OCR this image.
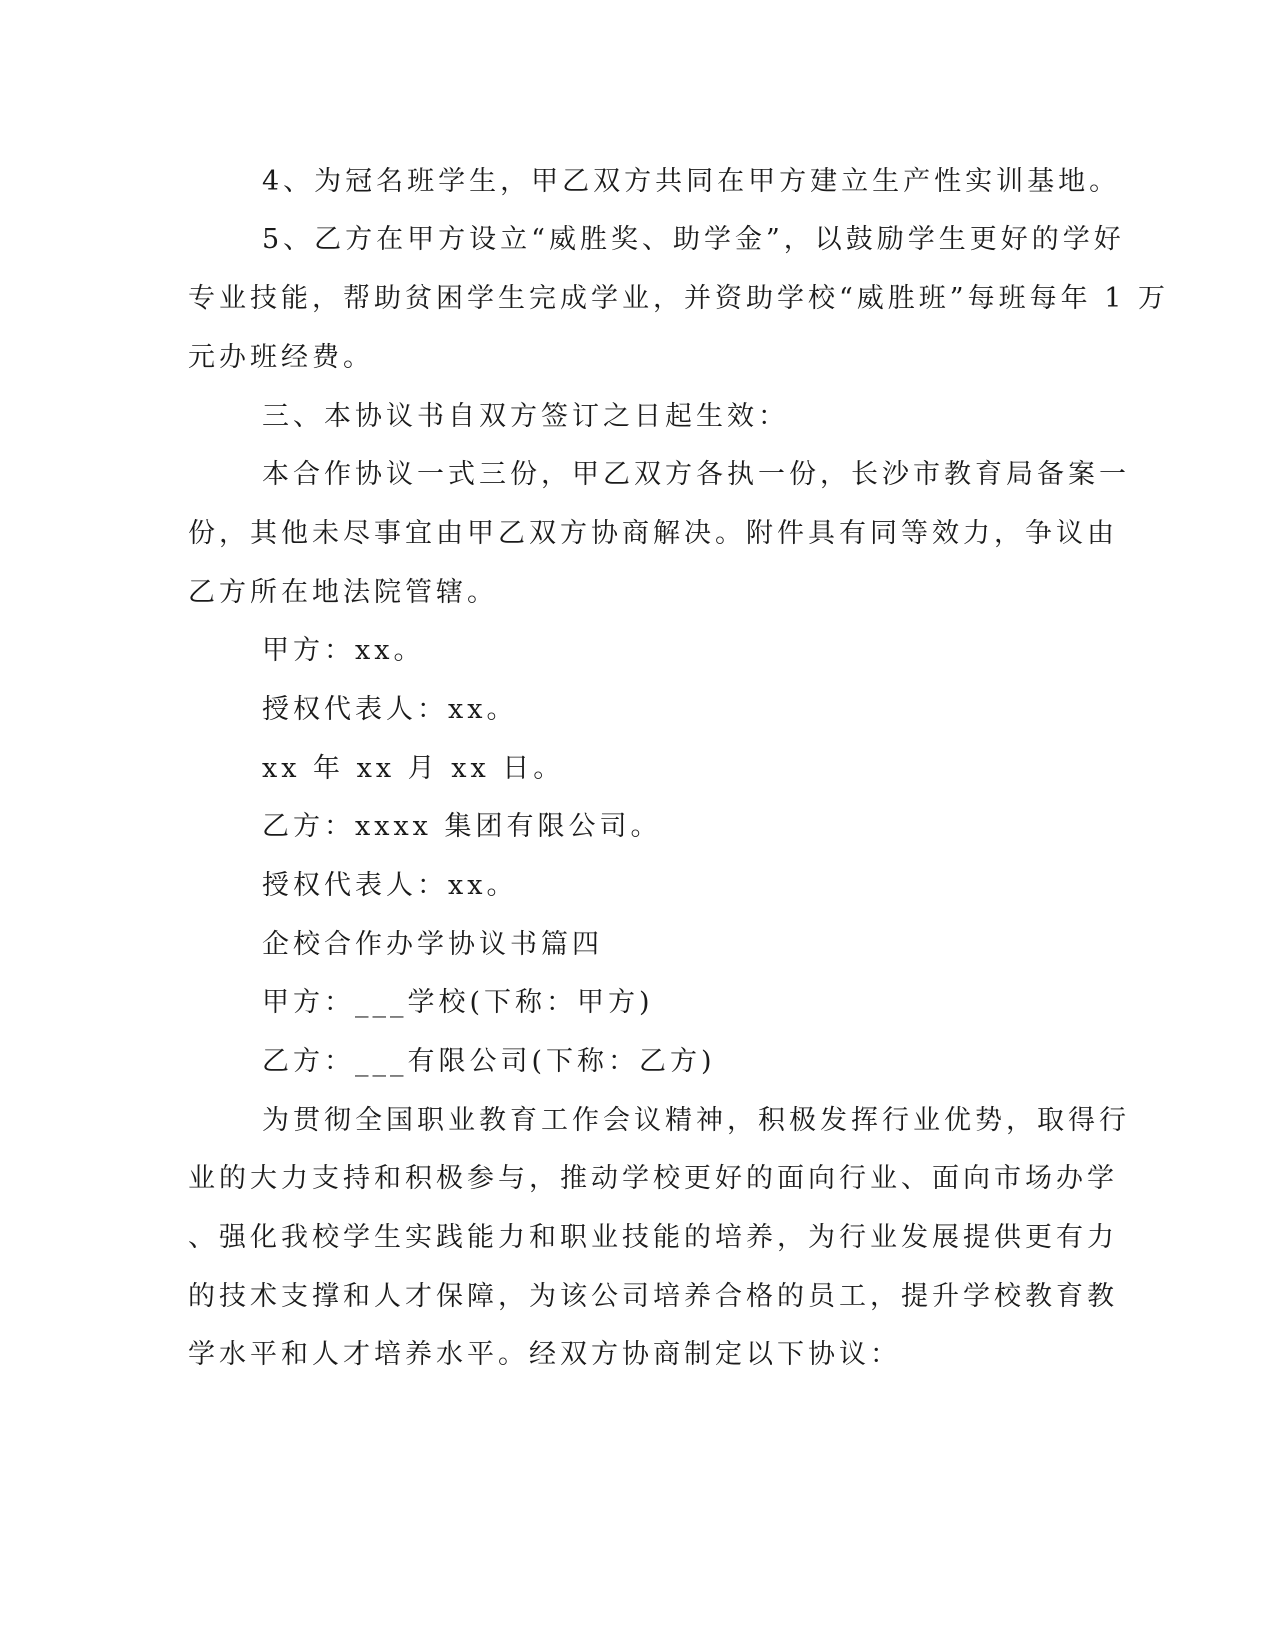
4、为冠名班学生，甲乙双方共同在甲方建立生产性实训基地。
5、乙方在甲方设立“威胜奖、助学金”，以鼓励学生更好的学好
专业技能，帮助贫困学生完成学业，并资助学校“威胜班”每班每年 1 万
元办班经费。
三、本协议书自双方签订之日起生效：
本合作协议一式三份，甲乙双方各执一份，长沙市教育局备案一
份，其他未尽事宜由甲乙双方协商解决。附件具有同等效力，争议由
乙方所在地法院管辖。
甲方：xx。
授权代表人：xx。
xx 年 xx 月 xx 日。
乙方：xxxx 集团有限公司。
授权代表人：xx。
企校合作办学协议书篇四
甲方：___学校(下称：甲方)
乙方：___有限公司(下称：乙方)
为贯彻全国职业教育工作会议精神，积极发挥行业优势，取得行
业的大力支持和积极参与，推动学校更好的面向行业、面向市场办学
、强化我校学生实践能力和职业技能的培养，为行业发展提供更有力
的技术支撑和人才保障，为该公司培养合格的员工，提升学校教育教
学水平和人才培养水平。经双方协商制定以下协议：
